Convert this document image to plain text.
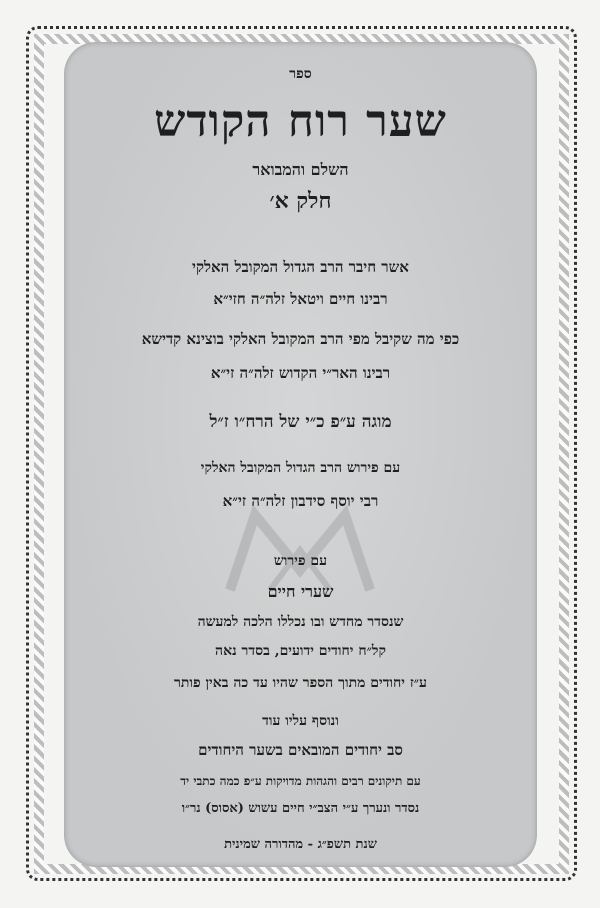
ספר
שער רוח הקודש
השלם והמבואר
חלק א׳
אשר חיבר הרב הגדול המקובל האלקי
רבינו חיים ויטאל זלה״ה חזי״א
כפי מה שקיבל מפי הרב המקובל האלקי בוצינא קדישא
רבינו האר״י הקדוש זלה״ה זי״א
מוגה ע״פ כ״י של הרח״ו ז״ל
עם פירוש הרב הגדול המקובל האלקי
רבי יוסף סידבון זלה״ה זי״א
עם פירוש
שערי חיים
שנסדר מחדש ובו נכללו הלכה למעשה
קל״ח יחודים ידועים, בסדר נאה
ע״ז יחודים מתוך הספר שהיו עד כה באין פותר
ונוסף עליו עוד
סב יחודים המובאים בשער היחודים
עם תיקונים רבים והגהות מדויקות ע״פ כמה כתבי יד
נסדר ונערך ע״י הצב״י חיים עשוש (אסוס) נר״ו
שנת תשפ״ג - מהדורה שמינית
